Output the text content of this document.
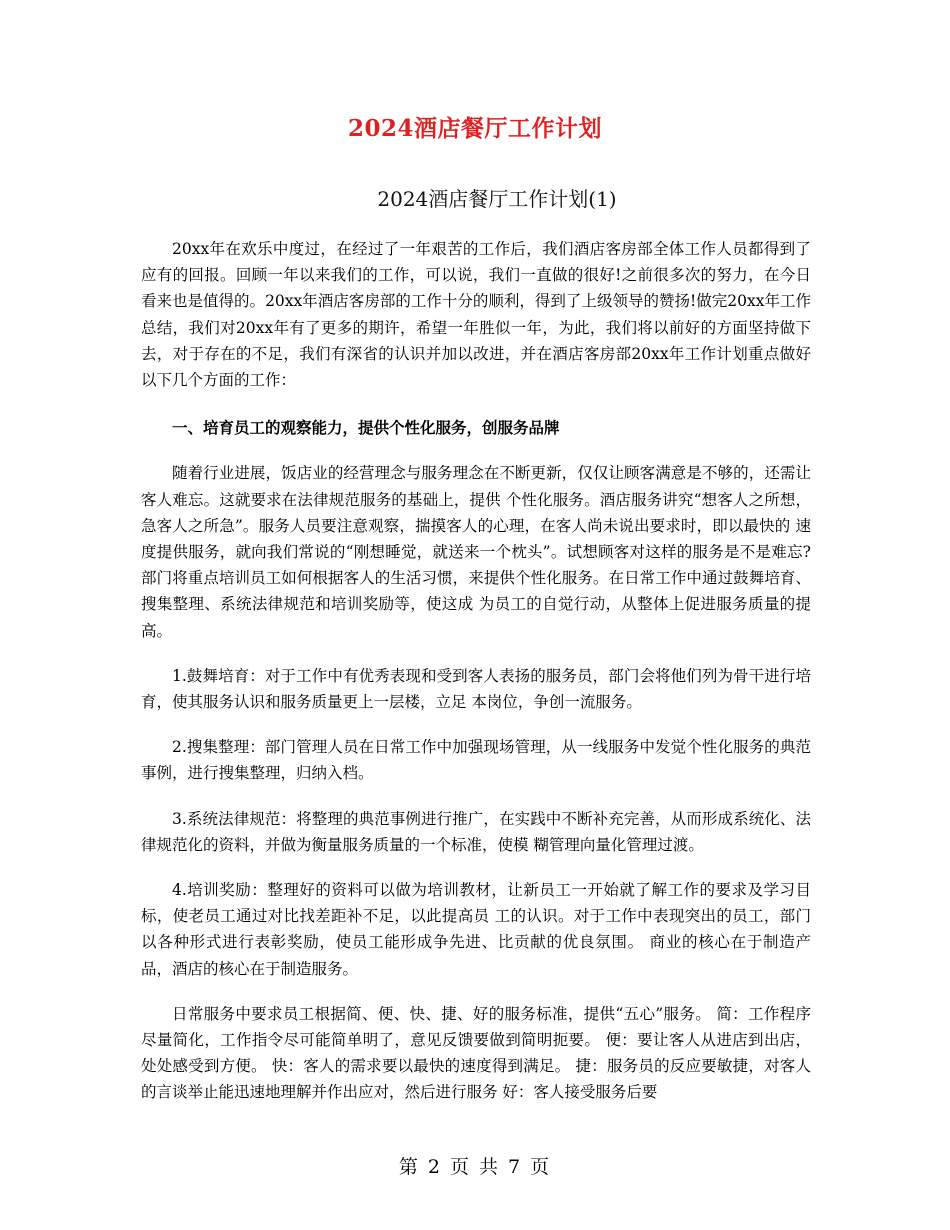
2024酒店餐厅工作计划
2024酒店餐厅工作计划(1)

20xx年在欢乐中度过，在经过了一年艰苦的工作后，我们酒店客房部全体工作人员都得到了应有的回报。回顾一年以来我们的工作，可以说，我们一直做的很好!之前很多次的努力，在今日看来也是值得的。20xx年酒店客房部的工作十分的顺利，得到了上级领导的赞扬!做完20xx年工作总结，我们对20xx年有了更多的期许，希望一年胜似一年，为此，我们将以前好的方面坚持做下去，对于存在的不足，我们有深省的认识并加以改进，并在酒店客房部20xx年工作计划重点做好以下几个方面的工作：

一、培育员工的观察能力，提供个性化服务，创服务品牌

随着行业进展，饭店业的经营理念与服务理念在不断更新，仅仅让顾客满意是不够的，还需让客人难忘。这就要求在法律规范服务的基础上，提供 个性化服务。酒店服务讲究“想客人之所想，急客人之所急”。服务人员要注意观察，揣摸客人的心理，在客人尚未说出要求时，即以最快的 速度提供服务，就向我们常说的“刚想睡觉，就送来一个枕头”。试想顾客对这样的服务是不是难忘? 部门将重点培训员工如何根据客人的生活习惯，来提供个性化服务。在日常工作中通过鼓舞培育、搜集整理、系统法律规范和培训奖励等，使这成 为员工的自觉行动，从整体上促进服务质量的提高。

1.鼓舞培育：对于工作中有优秀表现和受到客人表扬的服务员，部门会将他们列为骨干进行培育，使其服务认识和服务质量更上一层楼，立足 本岗位，争创一流服务。

2.搜集整理：部门管理人员在日常工作中加强现场管理，从一线服务中发觉个性化服务的典范事例，进行搜集整理，归纳入档。

3.系统法律规范：将整理的典范事例进行推广，在实践中不断补充完善，从而形成系统化、法律规范化的资料，并做为衡量服务质量的一个标准，使模 糊管理向量化管理过渡。

4.培训奖励：整理好的资料可以做为培训教材，让新员工一开始就了解工作的要求及学习目标，使老员工通过对比找差距补不足，以此提高员 工的认识。对于工作中表现突出的员工，部门以各种形式进行表彰奖励，使员工能形成争先进、比贡献的优良氛围。 商业的核心在于制造产品，酒店的核心在于制造服务。

日常服务中要求员工根据简、便、快、捷、好的服务标准，提供“五心”服务。 简：工作程序尽量简化，工作指令尽可能简单明了，意见反馈要做到简明扼要。 便：要让客人从进店到出店，处处感受到方便。 快：客人的需求要以最快的速度得到满足。 捷：服务员的反应要敏捷，对客人的言谈举止能迅速地理解并作出应对，然后进行服务 好：客人接受服务后要

第 2 页 共 7 页
